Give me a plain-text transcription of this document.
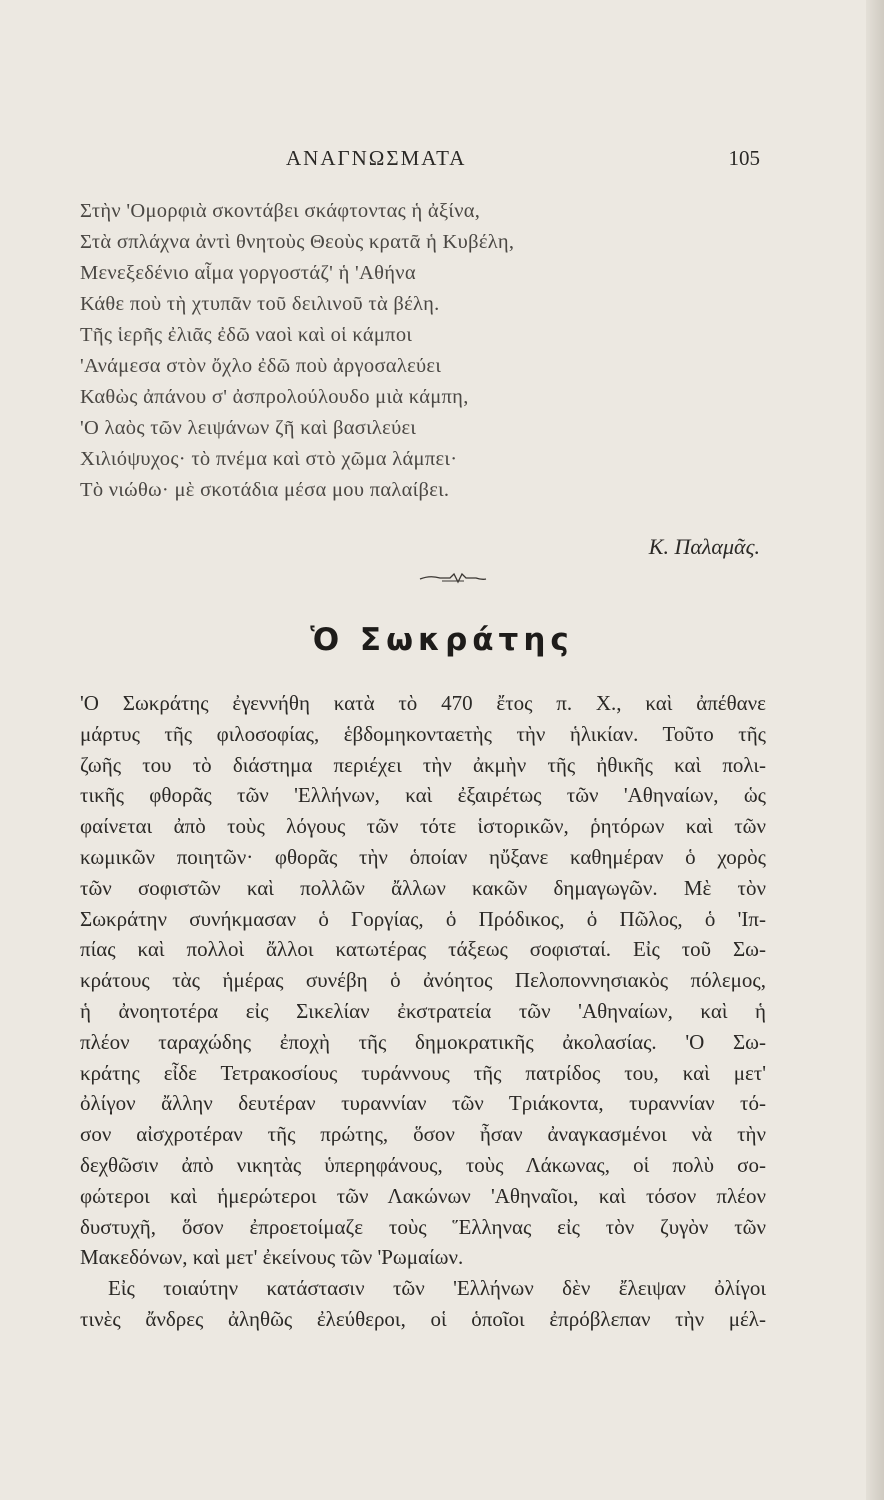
ΑΝΑΓΝΩΣΜΑΤΑ	105
Στὴν 'Ομορφιὰ σκοντάβει σκάφτοντας ἡ ἀξίνα,
Στὰ σπλάχνα ἀντὶ θνητοὺς Θεοὺς κρατᾶ ἡ Κυβέλη,
Μενεξεδένιο αἷμα γοργοστάζ' ἡ 'Αθήνα
Κάθε ποὺ τὴ χτυπᾶν τοῦ δειλινοῦ τὰ βέλη.
Τῆς ἱερῆς ἐλιᾶς ἐδῶ ναοὶ καὶ οἱ κάμποι
'Ανάμεσα στὸν ὄχλο ἐδῶ ποὺ ἀργοσαλεύει
Καθὼς ἀπάνου σ' ἀσπρολούλουδο μιὰ κάμπη,
'Ο λαὸς τῶν λειψάνων ζῆ καὶ βασιλεύει
Χιλιόψυχος· τὸ πνέμα καὶ στὸ χῶμα λάμπει·
Τὸ νιώθω· μὲ σκοτάδια μέσα μου παλαίβει.
Κ. Παλαμᾶς.
Ὁ Σωκράτης
'Ο Σωκράτης ἐγεννήθη κατὰ τὸ 470 ἔτος π. Χ., καὶ ἀπέθανε
μάρτυς τῆς φιλοσοφίας, ἑβδομηκονταετὴς τὴν ἡλικίαν. Τοῦτο τῆς
ζωῆς του τὸ διάστημα περιέχει τὴν ἀκμὴν τῆς ἠθικῆς καὶ πολι-
τικῆς φθορᾶς τῶν 'Ελλήνων, καὶ ἐξαιρέτως τῶν 'Αθηναίων, ὡς
φαίνεται ἀπὸ τοὺς λόγους τῶν τότε ἱστορικῶν, ῥητόρων καὶ τῶν
κωμικῶν ποιητῶν· φθορᾶς τὴν ὁποίαν ηὔξανε καθημέραν ὁ χορὸς
τῶν σοφιστῶν καὶ πολλῶν ἄλλων κακῶν δημαγωγῶν. Μὲ τὸν
Σωκράτην συνήκμασαν ὁ Γοργίας, ὁ Πρόδικος, ὁ Πῶλος, ὁ 'Ιπ-
πίας καὶ πολλοὶ ἄλλοι κατωτέρας τάξεως σοφισταί. Εἰς τοῦ Σω-
κράτους τὰς ἡμέρας συνέβη ὁ ἀνόητος Πελοποννησιακὸς πόλεμος,
ἡ ἀνοητοτέρα εἰς Σικελίαν ἐκστρατεία τῶν 'Αθηναίων, καὶ ἡ
πλέον ταραχώδης ἐποχὴ τῆς δημοκρατικῆς ἀκολασίας. 'Ο Σω-
κράτης εἶδε Τετρακοσίους τυράννους τῆς πατρίδος του, καὶ μετ'
ὀλίγον ἄλλην δευτέραν τυραννίαν τῶν Τριάκοντα, τυραννίαν τό-
σον αἰσχροτέραν τῆς πρώτης, ὅσον ἦσαν ἀναγκασμένοι νὰ τὴν
δεχθῶσιν ἀπὸ νικητὰς ὑπερηφάνους, τοὺς Λάκωνας, οἱ πολὺ σο-
φώτεροι καὶ ἡμερώτεροι τῶν Λακώνων 'Αθηναῖοι, καὶ τόσον πλέον
δυστυχῆ, ὅσον ἐπροετοίμαζε τοὺς Ἕλληνας εἰς τὸν ζυγὸν τῶν
Μακεδόνων, καὶ μετ' ἐκείνους τῶν 'Ρωμαίων.
Εἰς τοιαύτην κατάστασιν τῶν 'Ελλήνων δὲν ἔλειψαν ὀλίγοι
τινὲς ἄνδρες ἀληθῶς ἐλεύθεροι, οἱ ὁποῖοι ἐπρόβλεπαν τὴν μέλ-
